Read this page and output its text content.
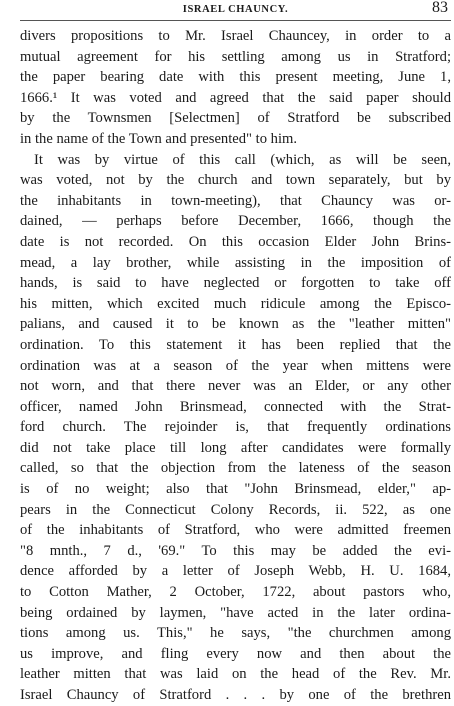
ISRAEL CHAUNCY.	83
divers propositions to Mr. Israel Chauncey, in order to a
mutual agreement for his settling among us in Stratford;
the paper bearing date with this present meeting, June 1,
1666.¹ It was voted and agreed that the said paper should
by the Townsmen [Selectmen] of Stratford be subscribed
in the name of the Town and presented" to him.
It was by virtue of this call (which, as will be seen,
was voted, not by the church and town separately, but by
the inhabitants in town-meeting), that Chauncy was or-
dained, — perhaps before December, 1666, though the
date is not recorded. On this occasion Elder John Brins-
mead, a lay brother, while assisting in the imposition of
hands, is said to have neglected or forgotten to take off
his mitten, which excited much ridicule among the Episco-
palians, and caused it to be known as the "leather mitten"
ordination. To this statement it has been replied that the
ordination was at a season of the year when mittens were
not worn, and that there never was an Elder, or any other
officer, named John Brinsmead, connected with the Strat-
ford church. The rejoinder is, that frequently ordinations
did not take place till long after candidates were formally
called, so that the objection from the lateness of the season
is of no weight; also that "John Brinsmead, elder," ap-
pears in the Connecticut Colony Records, ii. 522, as one
of the inhabitants of Stratford, who were admitted freemen
"8 mnth., 7 d., '69." To this may be added the evi-
dence afforded by a letter of Joseph Webb, H. U. 1684,
to Cotton Mather, 2 October, 1722, about pastors who,
being ordained by laymen, "have acted in the later ordina-
tions among us. This," he says, "the churchmen among
us improve, and fling every now and then about the
leather mitten that was laid on the head of the Rev. Mr.
Israel Chauncy of Stratford . . . by one of the brethren
